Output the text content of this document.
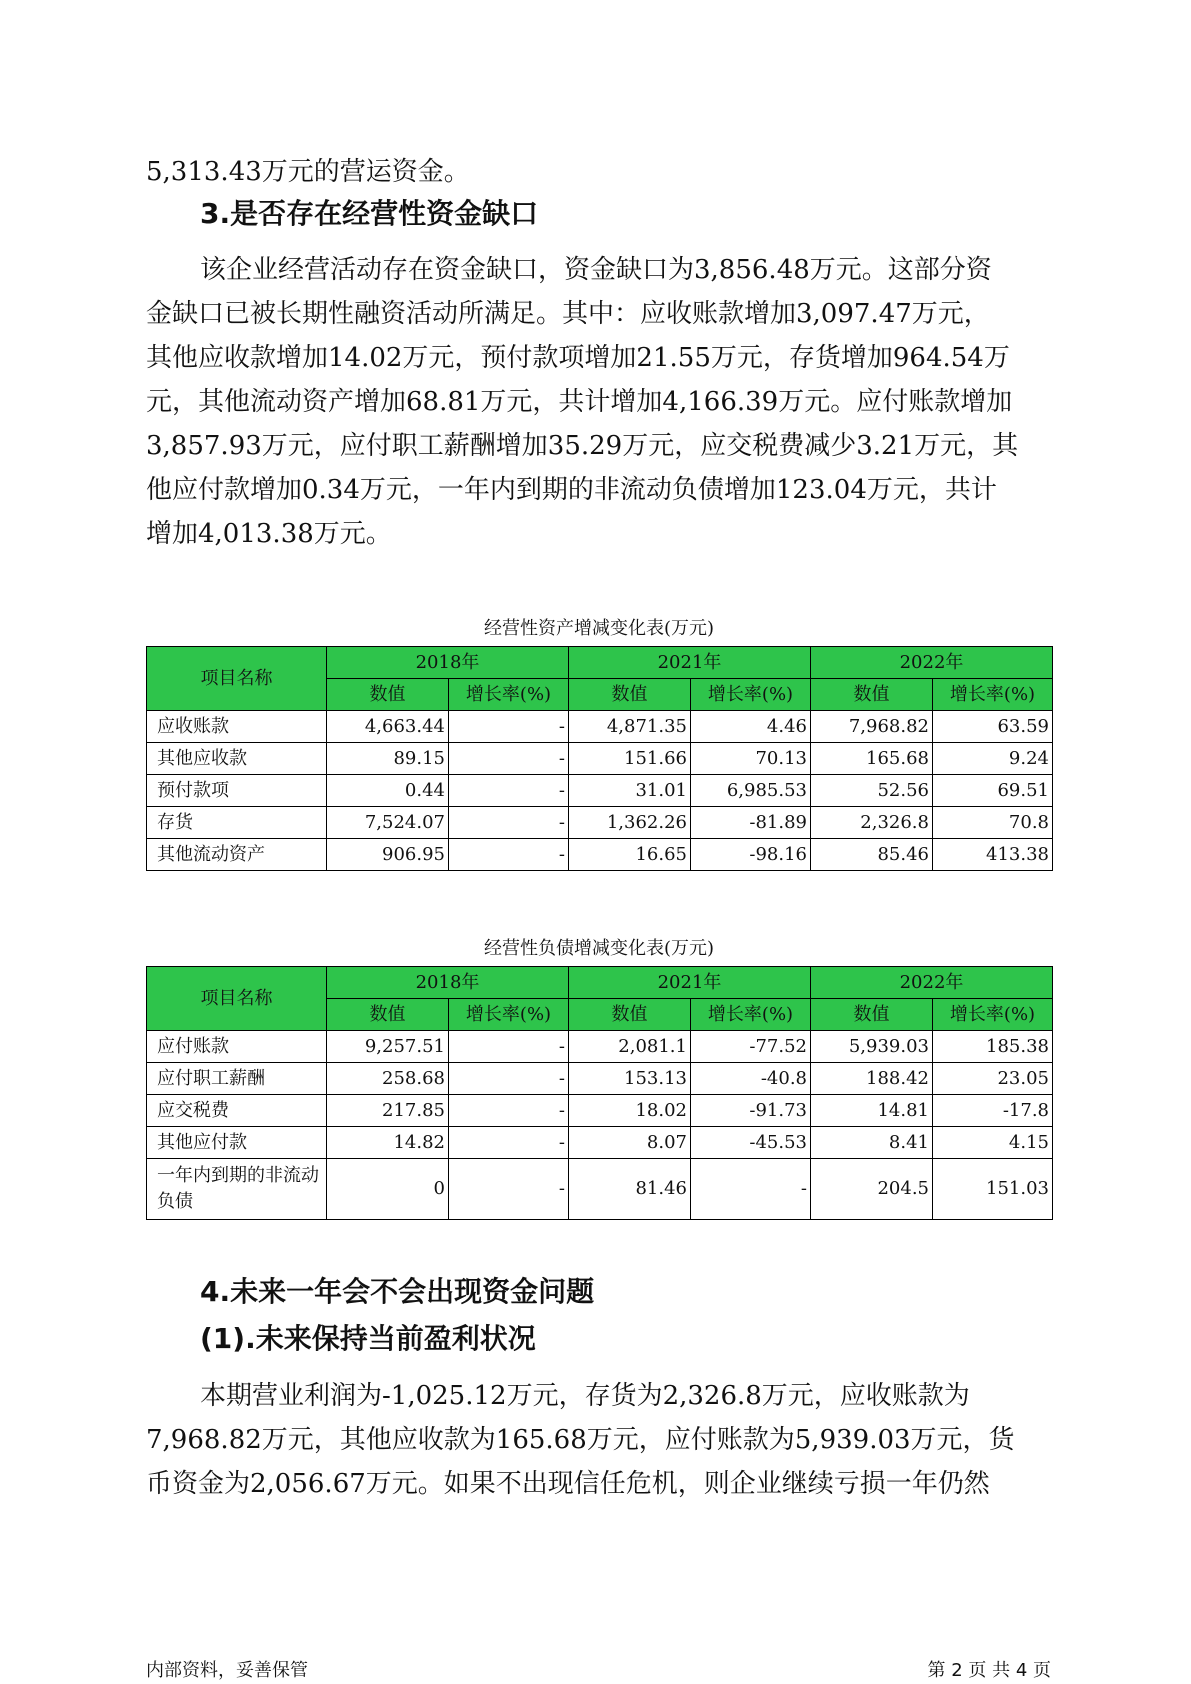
5,313.43万元的营运资金。

3.是否存在经营性资金缺口

该企业经营活动存在资金缺口，资金缺口为3,856.48万元。这部分资
金缺口已被长期性融资活动所满足。其中：应收账款增加3,097.47万元，
其他应收款增加14.02万元，预付款项增加21.55万元，存货增加964.54万
元，其他流动资产增加68.81万元，共计增加4,166.39万元。应付账款增加
3,857.93万元，应付职工薪酬增加35.29万元，应交税费减少3.21万元，其
他应付款增加0.34万元，一年内到期的非流动负债增加123.04万元，共计
增加4,013.38万元。

经营性资产增减变化表(万元)
项目名称	2018年		2021年		2022年	
	数值	增长率(%)	数值	增长率(%)	数值	增长率(%)
应收账款	4,663.44	-	4,871.35	4.46	7,968.82	63.59
其他应收款	89.15	-	151.66	70.13	165.68	9.24
预付款项	0.44	-	31.01	6,985.53	52.56	69.51
存货	7,524.07	-	1,362.26	-81.89	2,326.8	70.8
其他流动资产	906.95	-	16.65	-98.16	85.46	413.38
经营性负债增减变化表(万元)
项目名称	2018年		2021年		2022年	
	数值	增长率(%)	数值	增长率(%)	数值	增长率(%)
应付账款	9,257.51	-	2,081.1	-77.52	5,939.03	185.38
应付职工薪酬	258.68	-	153.13	-40.8	188.42	23.05
应交税费	217.85	-	18.02	-91.73	14.81	-17.8
其他应付款	14.82	-	8.07	-45.53	8.41	4.15
一年内到期的非流动负债	0	-	81.46	-	204.5	151.03
4.未来一年会不会出现资金问题
(1).未来保持当前盈利状况

本期营业利润为-1,025.12万元，存货为2,326.8万元，应收账款为
7,968.82万元，其他应收款为165.68万元，应付账款为5,939.03万元，货
币资金为2,056.67万元。如果不出现信任危机，则企业继续亏损一年仍然

内部资料，妥善保管	第 2 页 共 4 页
